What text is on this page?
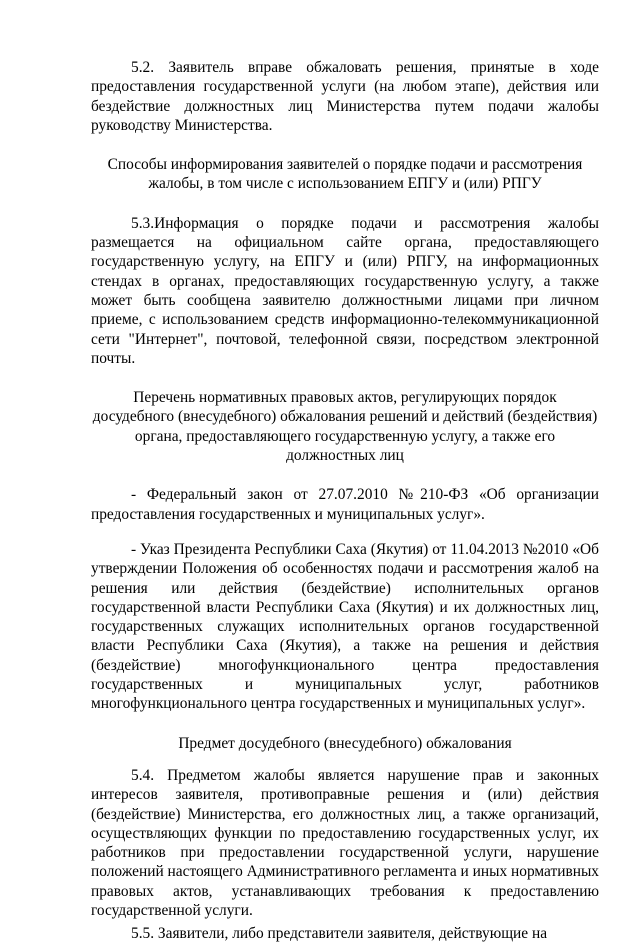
5.2. Заявитель вправе обжаловать решения, принятые в ходе предоставления государственной услуги (на любом этапе), действия или бездействие должностных лиц Министерства путем подачи жалобы руководству Министерства.

Способы информирования заявителей о порядке подачи и рассмотрения жалобы, в том числе с использованием ЕПГУ и (или) РПГУ

5.3.Информация о порядке подачи и рассмотрения жалобы размещается на официальном сайте органа, предоставляющего государственную услугу, на ЕПГУ и (или) РПГУ, на информационных стендах в органах, предоставляющих государственную услугу, а также может быть сообщена заявителю должностными лицами при личном приеме, с использованием средств информационно-телекоммуникационной сети "Интернет", почтовой, телефонной связи, посредством электронной почты.

Перечень нормативных правовых актов, регулирующих порядок досудебного (внесудебного) обжалования решений и действий (бездействия) органа, предоставляющего государственную услугу, а также его должностных лиц

- Федеральный закон от 27.07.2010 №210-ФЗ «Об организации предоставления государственных и муниципальных услуг».

- Указ Президента Республики Саха (Якутия) от 11.04.2013 №2010 «Об утверждении Положения об особенностях подачи и рассмотрения жалоб на решения или действия (бездействие) исполнительных органов государственной власти Республики Саха (Якутия) и их должностных лиц, государственных служащих исполнительных органов государственной власти Республики Саха (Якутия), а также на решения и действия (бездействие) многофункционального центра предоставления государственных и муниципальных услуг, работников многофункционального центра государственных и муниципальных услуг».

Предмет досудебного (внесудебного) обжалования

5.4. Предметом жалобы является нарушение прав и законных интересов заявителя, противоправные решения и (или) действия (бездействие) Министерства, его должностных лиц, а также организаций, осуществляющих функции по предоставлению государственных услуг, их работников при предоставлении государственной услуги, нарушение положений настоящего Административного регламента и иных нормативных правовых актов, устанавливающих требования к предоставлению государственной услуги.

5.5. Заявители, либо представители заявителя, действующие на
